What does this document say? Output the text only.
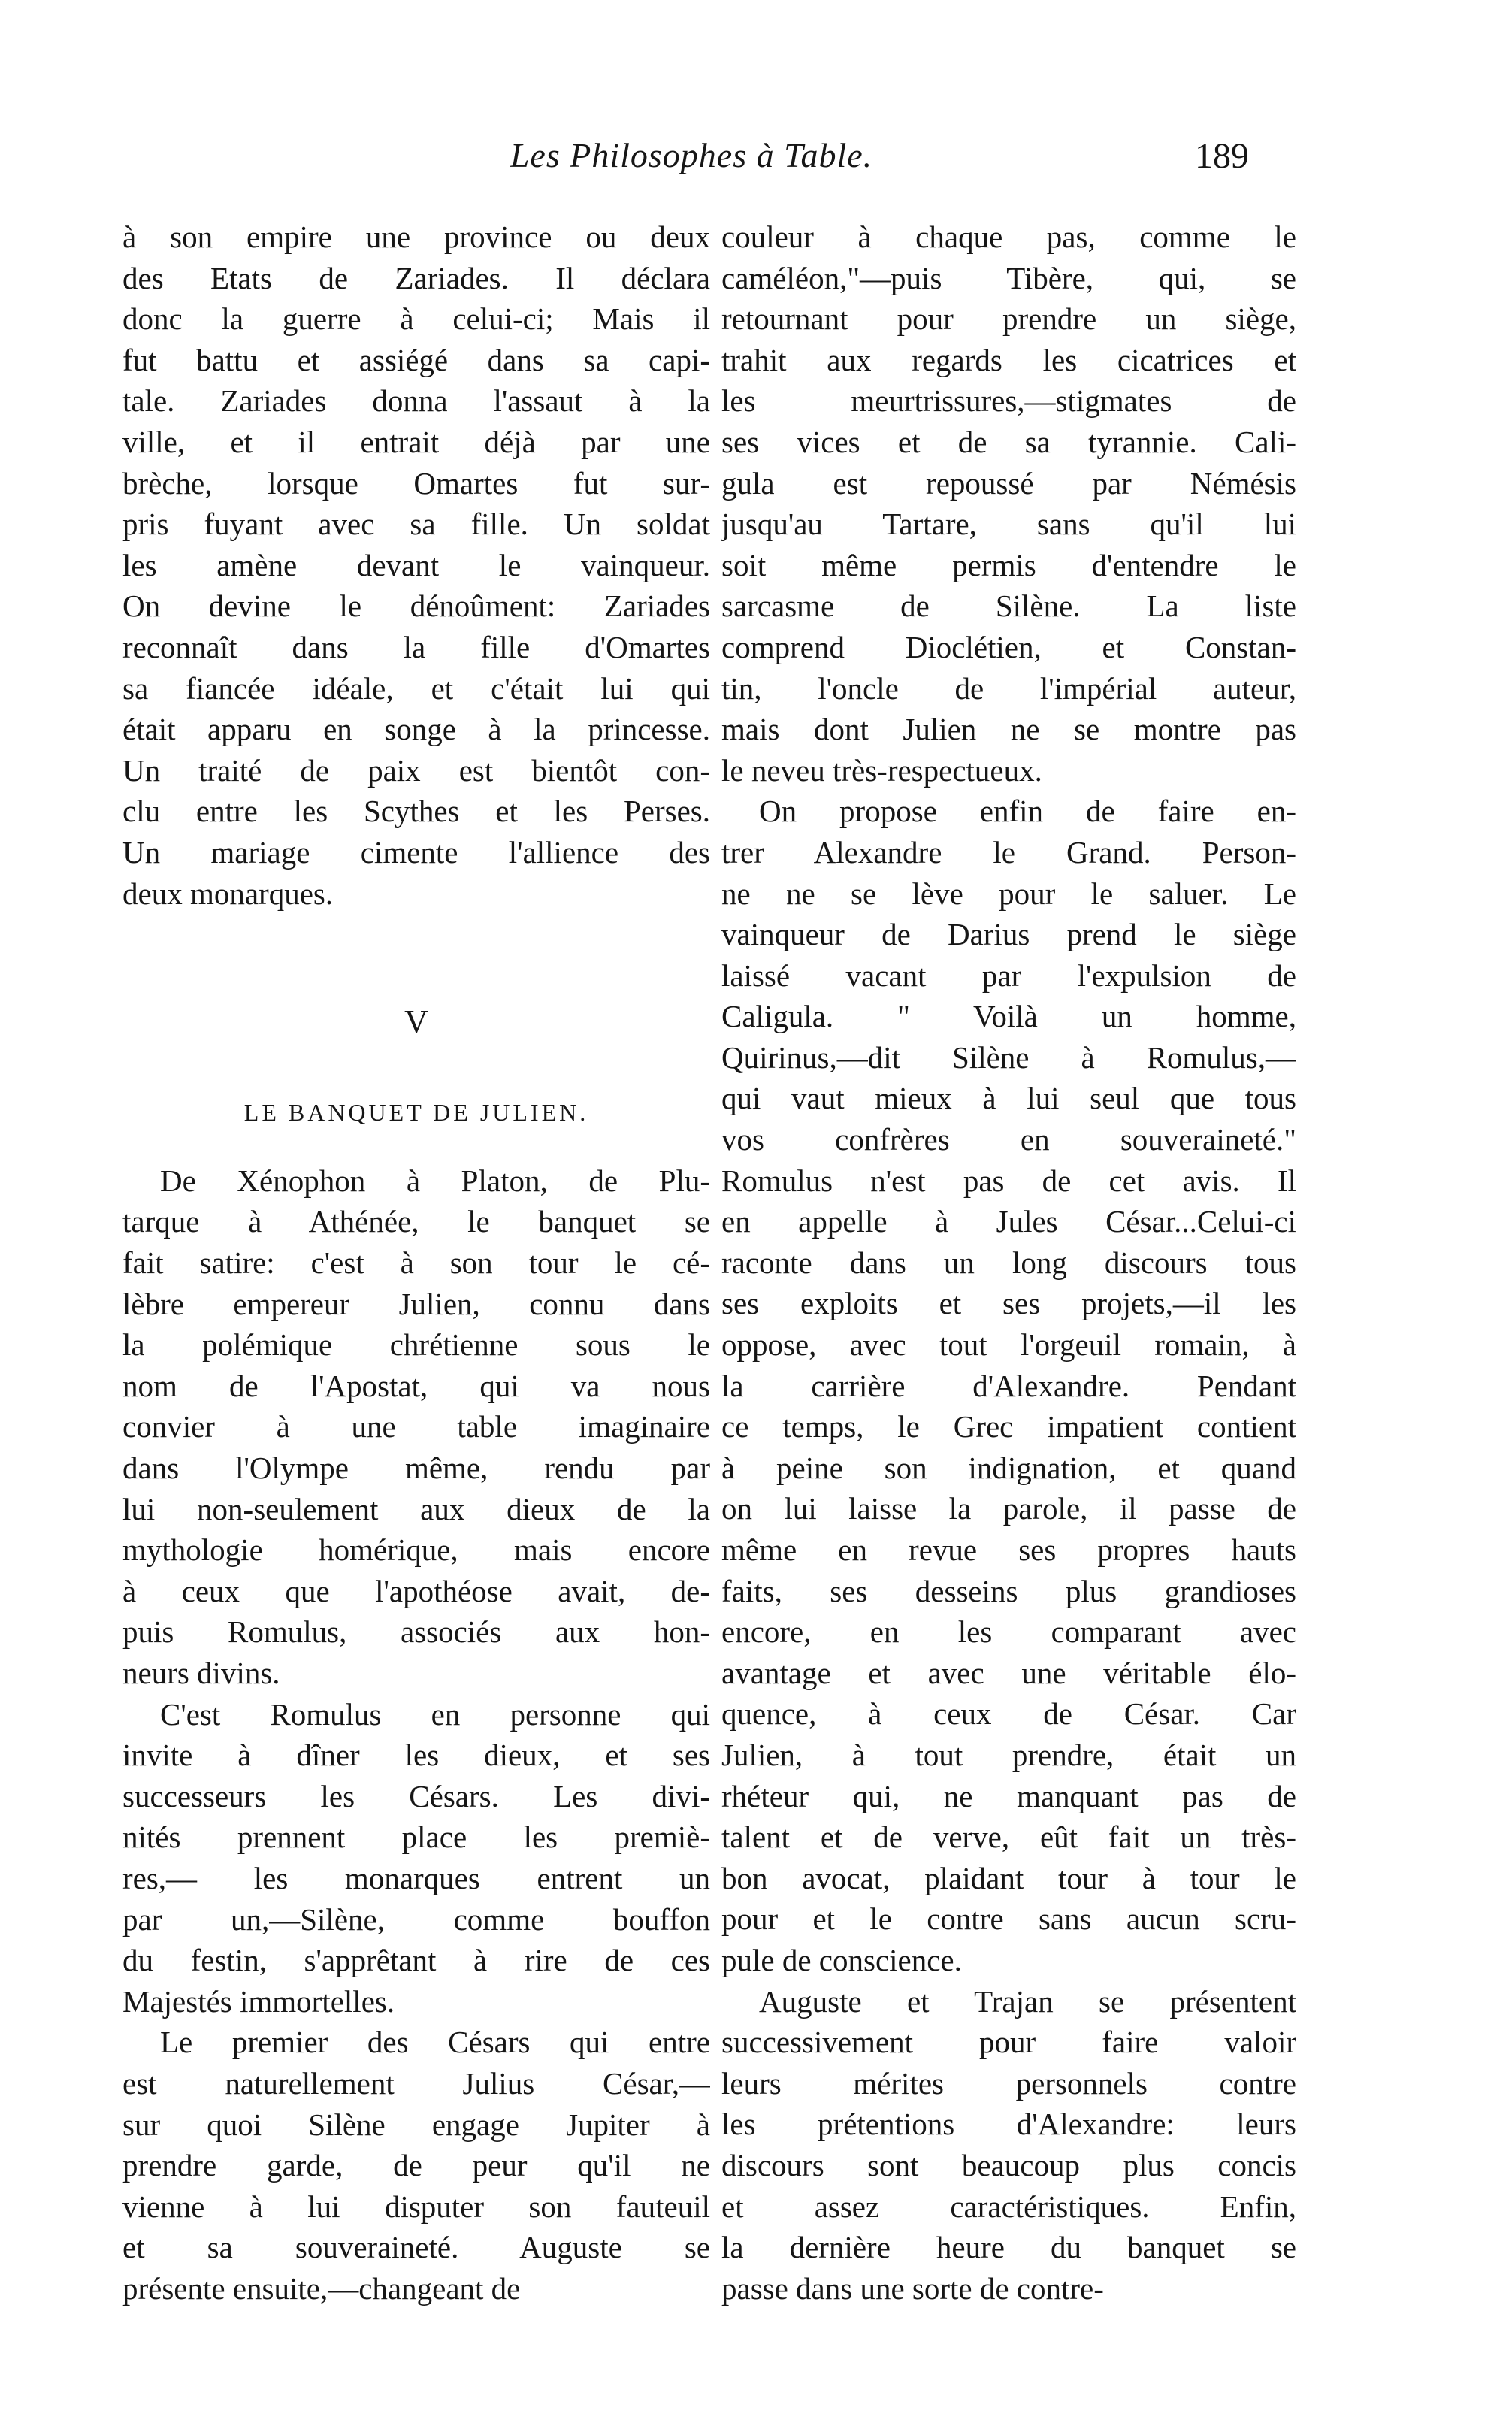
Les Philosophes à Table.	189
à son empire une province ou deux
des Etats de Zariades. Il déclara
donc la guerre à celui-ci; Mais il
fut battu et assiégé dans sa capi-
tale. Zariades donna l'assaut à la
ville, et il entrait déjà par une
brèche, lorsque Omartes fut sur-
pris fuyant avec sa fille. Un soldat
les amène devant le vainqueur.
On devine le dénoûment: Zariades
reconnaît dans la fille d'Omartes
sa fiancée idéale, et c'était lui qui
était apparu en songe à la princesse.
Un traité de paix est bientôt con-
clu entre les Scythes et les Perses.
Un mariage cimente l'allience des
deux monarques.
V
LE BANQUET DE JULIEN.
De Xénophon à Platon, de Plu-
tarque à Athénée, le banquet se
fait satire: c'est à son tour le cé-
lèbre empereur Julien, connu dans
la polémique chrétienne sous le
nom de l'Apostat, qui va nous
convier à une table imaginaire
dans l'Olympe même, rendu par
lui non-seulement aux dieux de la
mythologie homérique, mais encore
à ceux que l'apothéose avait, de-
puis Romulus, associés aux hon-
neurs divins.
C'est Romulus en personne qui
invite à dîner les dieux, et ses
successeurs les Césars. Les divi-
nités prennent place les premiè-
res,— les monarques entrent un
par un,—Silène, comme bouffon
du festin, s'apprêtant à rire de ces
Majestés immortelles.
Le premier des Césars qui entre
est naturellement Julius César,—
sur quoi Silène engage Jupiter à
prendre garde, de peur qu'il ne
vienne à lui disputer son fauteuil
et sa souveraineté. Auguste se
présente ensuite,—changeant de
couleur à chaque pas, comme le
caméléon,"—puis Tibère, qui, se
retournant pour prendre un siège,
trahit aux regards les cicatrices et
les meurtrissures,—stigmates de
ses vices et de sa tyrannie. Cali-
gula est repoussé par Némésis
jusqu'au Tartare, sans qu'il lui
soit même permis d'entendre le
sarcasme de Silène. La liste
comprend Dioclétien, et Constan-
tin, l'oncle de l'impérial auteur,
mais dont Julien ne se montre pas
le neveu très-respectueux.
On propose enfin de faire en-
trer Alexandre le Grand. Person-
ne ne se lève pour le saluer. Le
vainqueur de Darius prend le siège
laissé vacant par l'expulsion de
Caligula. " Voilà un homme,
Quirinus,—dit Silène à Romulus,—
qui vaut mieux à lui seul que tous
vos confrères en souveraineté."
Romulus n'est pas de cet avis. Il
en appelle à Jules César...Celui-ci
raconte dans un long discours tous
ses exploits et ses projets,—il les
oppose, avec tout l'orgeuil romain, à
la carrière d'Alexandre. Pendant
ce temps, le Grec impatient contient
à peine son indignation, et quand
on lui laisse la parole, il passe de
même en revue ses propres hauts
faits, ses desseins plus grandioses
encore, en les comparant avec
avantage et avec une véritable élo-
quence, à ceux de César. Car
Julien, à tout prendre, était un
rhéteur qui, ne manquant pas de
talent et de verve, eût fait un très-
bon avocat, plaidant tour à tour le
pour et le contre sans aucun scru-
pule de conscience.
Auguste et Trajan se présentent
successivement pour faire valoir
leurs mérites personnels contre
les prétentions d'Alexandre: leurs
discours sont beaucoup plus concis
et assez caractéristiques. Enfin,
la dernière heure du banquet se
passe dans une sorte de contre-
